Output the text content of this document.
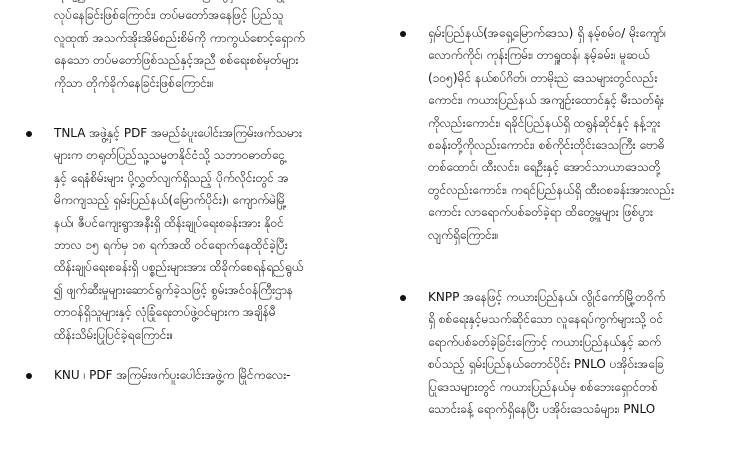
လုပ်နေခြင်းဖြစ်ကြောင်း၊ တပ်မတော်အနေဖြင့် ပြည်သူ

လူထုဏ် အသက်အိုးအိမ်စည်းစိမ်ကို ကာကွယ်စောင့်ရှောက်

နေသော တပ်မတော်ဖြစ်သည်နှင့်အညီ စစ်ရေးစစ်မှတ်များ

ကိုသာ တိုက်ခိုက်နေခြင်းဖြစ်ကြောင်း။

TNLA အဖွဲ့နှင့် PDF အမည်ခံပူးပေါင်းအကြမ်းဖက်သမား

များက တရုတ်ပြည်သူ့သမ္မတနိုင်ငံသို့ သဘာဝဓာတ်ငွေ့

နှင့် ရေနံစိမ်းများ ပို့လွှတ်လျက်ရှိသည့် ပိုက်လိုင်းတွင် အ

မိကကျသည့် ရှမ်းပြည်နယ်(မြောက်ပိုင်း)၊ ကျောက်မဲမြို့

နယ်၊ ဇီပင်ကျေးရွာအနီးရှိ ထိန်းချုပ်ရေးစခန်းအား နိုဝင်

ဘာလ ၁၅ ရက်မှ ၁၈ ရက်အထိ ဝင်ရောက်နေထိုင်ခဲ့ပြီး

ထိန်းချုပ်ရေးစခန်းရှိ ပစ္စည်းများအား ထိခိုက်စေရန်ရည်ရွယ်

၍ ဖျက်ဆီးမှုများဆောင်ရွက်ခဲ့သဖြင့် စွမ်းအင်ဝန်ကြီးဌာန

တာဝန်ရှိသူများနှင့် လုံခြုံရေးတပ်ဖွဲ့ဝင်များက အချိန်မီ

ထိန်းသိမ်းပြုပြင်ခဲ့ရကြောင်း။

KNU ၊ PDF အကြမ်းဖက်ပူးပေါင်းအဖွဲ့က မြိုင်ကလေး-

ရှမ်းပြည်နယ်(အရှေ့မြောက်ဒေသ) ရှိ နမ့်စမ်ဝ/ မိုးကျော်၊

လောက်ကိုင်၊ ကုန်းကြမ်း၊ တာရှူထန်၊ နမ့်ခမ်း၊ မူဆယ်

(၁၀၅)မိုင် နယ်စပ်ဂိတ်၊ တာမိုးညဲ ဒေသများတွင်လည်း

ကောင်း၊ ကယားပြည်နယ် အကျဉ်းထောင်နှင့် မီးသတ်ရုံး

ကိုလည်းကောင်း၊ ရခိုင်ပြည်နယ်ရှိ ထရွန်ဆိုင်နှင့် နန့်ဘူး

စခန်းတို့ကိုလည်းကောင်း၊ စစ်ကိုင်းတိုင်းဒေသကြီး ဗောဓိ

တစ်ထောင်၊ ထီးလင်း၊ ရေဦးနှင့် အောင်သာယာဒေသတို့

တွင်လည်းကောင်း၊ ကရင်ပြည်နယ်ရှိ ထီးဝစခန်းအားလည်း

ကောင်း လာရောက်ပစ်ခတ်ခဲ့ရာ ထိတွေ့မှုများ ဖြစ်ပွား

လျက်ရှိကြောင်း။

KNPP အနေဖြင့် ကယားပြည်နယ်၊ လွိုင်ကော်မြို့တဝိုက်

ရှိ စစ်ရေးနှင့်မသက်ဆိုင်သော လူနေရပ်ကွက်များသို့ ဝင်

ရောက်ပစ်ခတ်ခဲ့ခြင်းကြောင့် ကယားပြည်နယ်နှင့် ဆက်

စပ်သည့် ရှမ်းပြည်နယ်တောင်ပိုင်း PNLO ပအိုဝ်းအခြေ

ပြုဒေသများတွင် ကယားပြည်နယ်မှ စစ်ဘေးရှောင်တစ်

သောင်းခန့် ရောက်ရှိနေပြီး ပအိုဝ်းဒေသခံများ၊ PNLO
